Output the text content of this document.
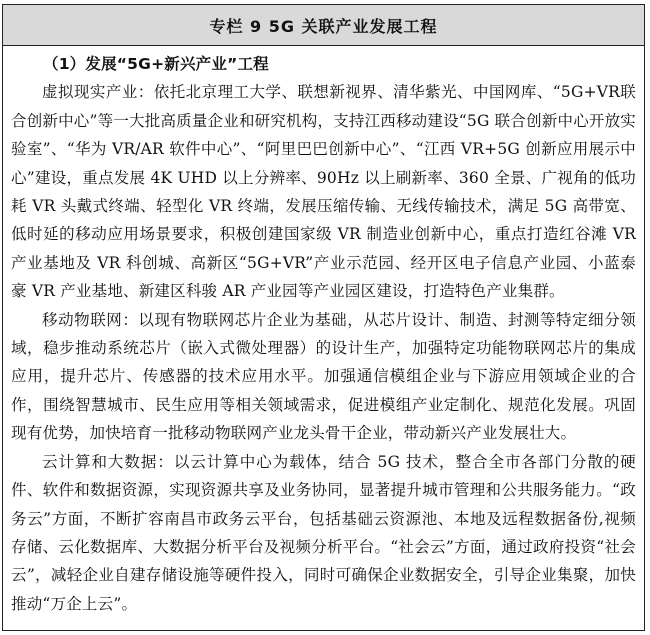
专栏 9 5G 关联产业发展工程
（1）发展“5G+新兴产业”工程

虚拟现实产业：依托北京理工大学、联想新视界、清华紫光、中国网库、“5G+VR联合创新中心”等一大批高质量企业和研究机构，支持江西移动建设“5G 联合创新中心开放实验室”、“华为 VR/AR 软件中心”、“阿里巴巴创新中心”、“江西 VR+5G 创新应用展示中心”建设，重点发展 4K UHD 以上分辨率、90Hz 以上刷新率、360 全景、广视角的低功耗 VR 头戴式终端、轻型化 VR 终端，发展压缩传输、无线传输技术，满足 5G 高带宽、低时延的移动应用场景要求，积极创建国家级 VR 制造业创新中心，重点打造红谷滩 VR 产业基地及 VR 科创城、高新区“5G+VR”产业示范园、经开区电子信息产业园、小蓝泰豪 VR 产业基地、新建区科骏 AR 产业园等产业园区建设，打造特色产业集群。

移动物联网：以现有物联网芯片企业为基础，从芯片设计、制造、封测等特定细分领域，稳步推动系统芯片（嵌入式微处理器）的设计生产，加强特定功能物联网芯片的集成应用，提升芯片、传感器的技术应用水平。加强通信模组企业与下游应用领域企业的合作，围绕智慧城市、民生应用等相关领域需求，促进模组产业定制化、规范化发展。巩固现有优势，加快培育一批移动物联网产业龙头骨干企业，带动新兴产业发展壮大。

云计算和大数据：以云计算中心为载体，结合 5G 技术，整合全市各部门分散的硬件、软件和数据资源，实现资源共享及业务协同，显著提升城市管理和公共服务能力。“政务云”方面，不断扩容南昌市政务云平台，包括基础云资源池、本地及远程数据备份,视频存储、云化数据库、大数据分析平台及视频分析平台。“社会云”方面，通过政府投资“社会云”，减轻企业自建存储设施等硬件投入，同时可确保企业数据安全，引导企业集聚，加快推动“万企上云”。
